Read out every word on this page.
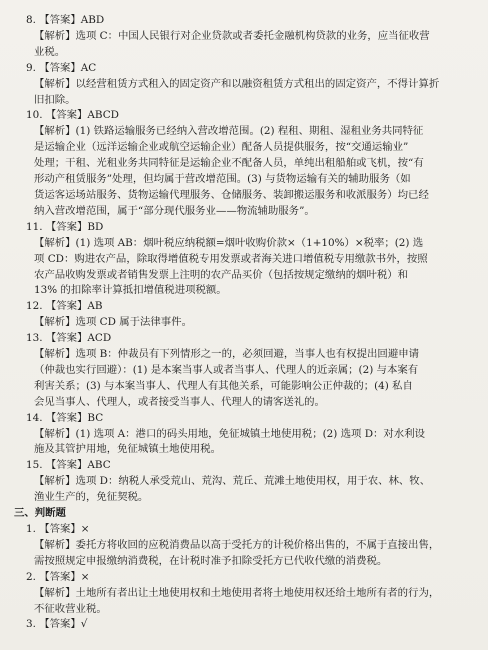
8. 【答案】ABD
【解析】选项 C：中国人民银行对企业贷款或者委托金融机构贷款的业务，应当征收营
业税。
9. 【答案】AC
【解析】以经营租赁方式租入的固定资产和以融资租赁方式租出的固定资产，不得计算折
旧扣除。
10. 【答案】ABCD
【解析】(1) 铁路运输服务已经纳入营改增范围。(2) 程租、期租、湿租业务共同特征
是运输企业（远洋运输企业或航空运输企业）配备人员提供服务，按“交通运输业”
处理；干租、光租业务共同特征是运输企业不配备人员，单纯出租船舶或飞机，按“有
形动产租赁服务”处理，但均属于营改增范围。(3) 与货物运输有关的辅助服务（如
货运客运场站服务、货物运输代理服务、仓储服务、装卸搬运服务和收派服务）均已经
纳入营改增范围，属于“部分现代服务业——物流辅助服务”。
11. 【答案】BD
【解析】(1) 选项 AB：烟叶税应纳税额=烟叶收购价款×（1+10%）×税率；(2) 选
项 CD：购进农产品，除取得增值税专用发票或者海关进口增值税专用缴款书外，按照
农产品收购发票或者销售发票上注明的农产品买价（包括按规定缴纳的烟叶税）和
13% 的扣除率计算抵扣增值税进项税额。
12. 【答案】AB
【解析】选项 CD 属于法律事件。
13. 【答案】ACD
【解析】选项 B：仲裁员有下列情形之一的，必须回避，当事人也有权提出回避申请
（仲裁也实行回避）：(1) 是本案当事人或者当事人、代理人的近亲属；(2) 与本案有
利害关系；(3) 与本案当事人、代理人有其他关系，可能影响公正仲裁的；(4) 私自
会见当事人、代理人，或者接受当事人、代理人的请客送礼的。
14. 【答案】BC
【解析】(1) 选项 A：港口的码头用地，免征城镇土地使用税；(2) 选项 D：对水利设
施及其管护用地，免征城镇土地使用税。
15. 【答案】ABC
【解析】选项 D：纳税人承受荒山、荒沟、荒丘、荒滩土地使用权，用于农、林、牧、
渔业生产的，免征契税。
三、判断题
1. 【答案】×
【解析】委托方将收回的应税消费品以高于受托方的计税价格出售的，不属于直接出售，
需按照规定申报缴纳消费税，在计税时准予扣除受托方已代收代缴的消费税。
2. 【答案】×
【解析】土地所有者出让土地使用权和土地使用者将土地使用权还给土地所有者的行为，
不征收营业税。
3. 【答案】√
